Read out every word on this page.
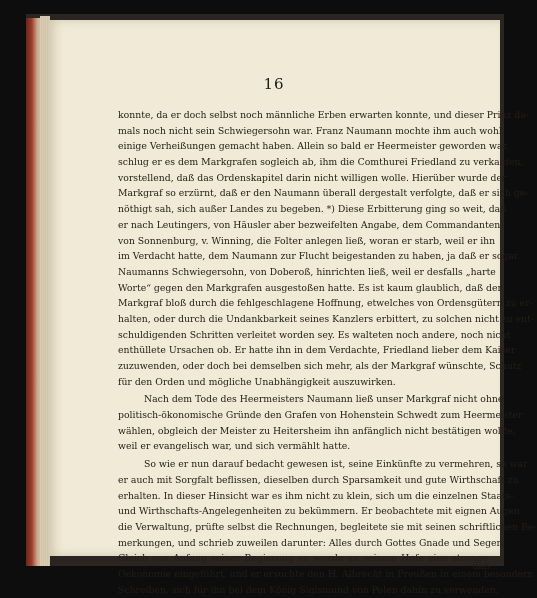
16
konnte, da er doch selbst noch männliche Erben erwarten konnte, und dieser Prinz da-
mals noch nicht sein Schwiegersohn war. Franz Naumann mochte ihm auch wohl
einige Verheißungen gemacht haben. Allein so bald er Heermeister geworden war,
schlug er es dem Markgrafen sogleich ab, ihm die Comthurei Friedland zu verkaufen,
vorstellend, daß das Ordenskapitel darin nicht willigen wolle. Hierüber wurde der
Markgraf so erzürnt, daß er den Naumann überall dergestalt verfolgte, daß er sich ge-
nöthigt sah, sich außer Landes zu begeben. *) Diese Erbitterung ging so weit, daß
er nach Leutingers, von Häusler aber bezweifelten Angabe, dem Commandanten
von Sonnenburg, v. Winning, die Folter anlegen ließ, woran er starb, weil er ihn
im Verdacht hatte, dem Naumann zur Flucht beigestanden zu haben, ja daß er sogar
Naumanns Schwiegersohn, von Doberoß, hinrichten ließ, weil er desfalls „harte
Worte“ gegen den Markgrafen ausgestoßen hatte. Es ist kaum glaublich, daß der
Markgraf bloß durch die fehlgeschlagene Hoffnung, etwelches von Ordensgütern zu er-
halten, oder durch die Undankbarkeit seines Kanzlers erbittert, zu solchen nicht zu ent-
schuldigenden Schritten verleitet worden sey. Es walteten noch andere, noch nicht
enthüllete Ursachen ob. Er hatte ihn in dem Verdachte, Friedland lieber dem Kaiser
zuzuwenden, oder doch bei demselben sich mehr, als der Markgraf wünschte, Schutz
für den Orden und mögliche Unabhängigkeit auszuwirken.
Nach dem Tode des Heermeisters Naumann ließ unser Markgraf nicht ohne
politisch-ökonomische Gründe den Grafen von Hohenstein Schwedt zum Heermeister
wählen, obgleich der Meister zu Heitersheim ihn anfänglich nicht bestätigen wollte,
weil er evangelisch war, und sich vermählt hatte.
So wie er nun darauf bedacht gewesen ist, seine Einkünfte zu vermehren, so war
er auch mit Sorgfalt beflissen, dieselben durch Sparsamkeit und gute Wirthschaft zu
erhalten. In dieser Hinsicht war es ihm nicht zu klein, sich um die einzelnen Staats-
und Wirthschafts-Angelegenheiten zu bekümmern. Er beobachtete mit eignen Augen
die Verwaltung, prüfte selbst die Rechnungen, begleitete sie mit seinen schriftlichen Be-
merkungen, und schrieb zuweilen darunter: Alles durch Gottes Gnade und Segen.
Gleich von Anfang seiner Regierung an wurde an seinem Hofe eine strenge
Oekonomie eingeführt, und er ersuchte den H. Albrecht in Preußen in einem besondern
Schreiben, sich für ihn bei dem König Sigismund von Polen dahin zu verwenden,
daß
